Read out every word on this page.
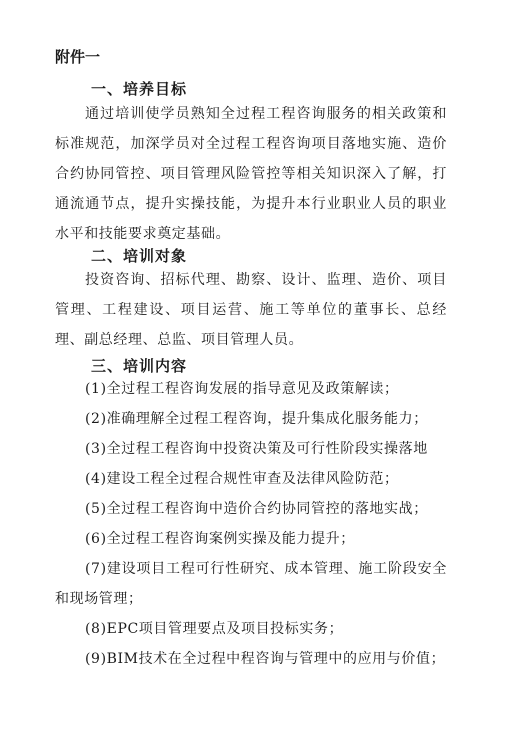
附件一
一、培养目标

通过培训使学员熟知全过程工程咨询服务的相关政策和标准规范，加深学员对全过程工程咨询项目落地实施、造价合约协同管控、项目管理风险管控等相关知识深入了解，打通流通节点，提升实操技能，为提升本行业职业人员的职业水平和技能要求奠定基础。

二、培训对象

投资咨询、招标代理、勘察、设计、监理、造价、项目管理、工程建设、项目运营、施工等单位的董事长、总经理、副总经理、总监、项目管理人员。

三、培训内容
(1)全过程工程咨询发展的指导意见及政策解读；
(2)准确理解全过程工程咨询，提升集成化服务能力；
(3)全过程工程咨询中投资决策及可行性阶段实操落地
(4)建设工程全过程合规性审查及法律风险防范；
(5)全过程工程咨询中造价合约协同管控的落地实战；
(6)全过程工程咨询案例实操及能力提升；
(7)建设项目工程可行性研究、成本管理、施工阶段安全和现场管理；
(8)EPC项目管理要点及项目投标实务；
(9)BIM技术在全过程中程咨询与管理中的应用与价值；
